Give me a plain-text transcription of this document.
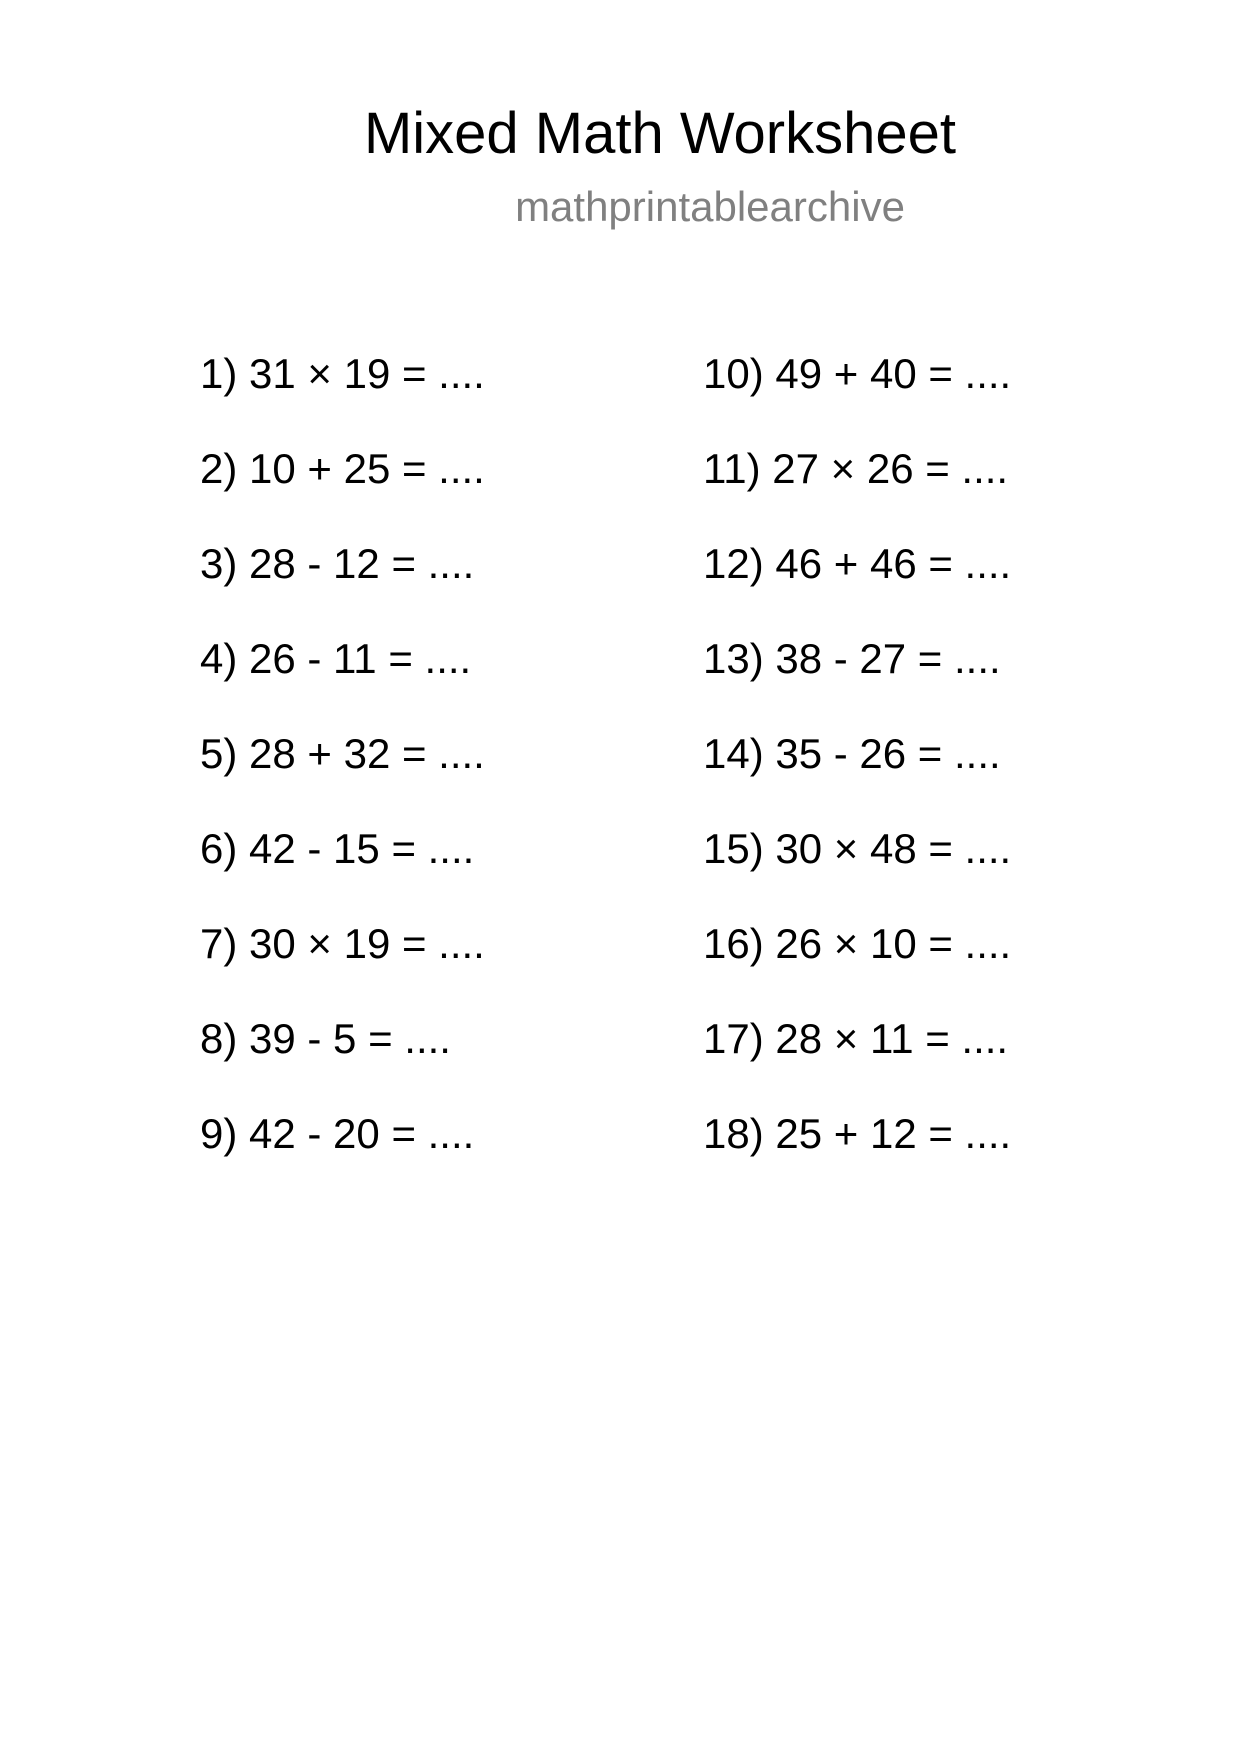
Mixed Math Worksheet
mathprintablearchive
1) 31 × 19 = ....
2) 10 + 25 = ....
3) 28 - 12 = ....
4) 26 - 11 = ....
5) 28 + 32 = ....
6) 42 - 15 = ....
7) 30 × 19 = ....
8) 39 - 5 = ....
9) 42 - 20 = ....
10) 49 + 40 = ....
11) 27 × 26 = ....
12) 46 + 46 = ....
13) 38 - 27 = ....
14) 35 - 26 = ....
15) 30 × 48 = ....
16) 26 × 10 = ....
17) 28 × 11 = ....
18) 25 + 12 = ....
